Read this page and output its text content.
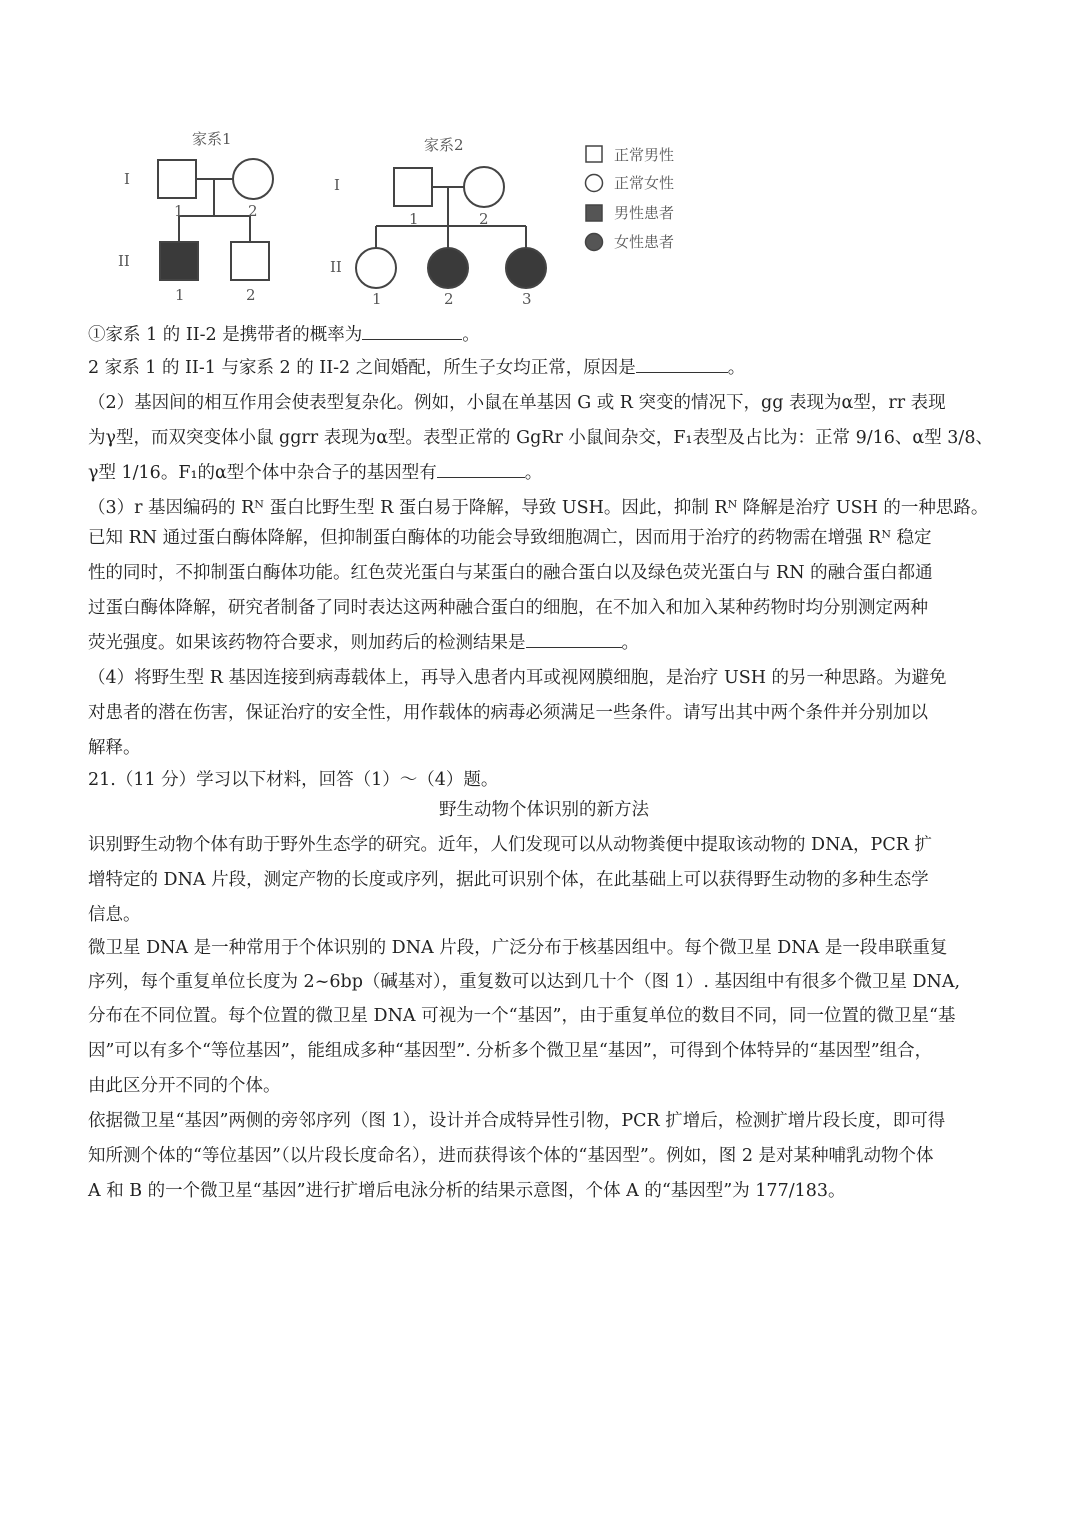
家系1	家系2
I
II
I
II
1	2
1	2
1	2
1	2	3
正常男性
正常女性
男性患者
女性患者
①家系 1 的 II-2 是携带者的概率为	。
2 家系 1 的 II-1 与家系 2 的 II-2 之间婚配，所生子女均正常，原因是	。
（2）基因间的相互作用会使表型复杂化。例如，小鼠在单基因 G 或 R 突变的情况下，gg 表现为α型，rr 表现
为γ型，而双突变体小鼠 ggrr 表现为α型。表型正常的 GgRr 小鼠间杂交，F₁表型及占比为：正常 9/16、α型 3/8、
γ型 1/16。F₁的α型个体中杂合子的基因型有	。
（3）r 基因编码的 Rᴺ 蛋白比野生型 R 蛋白易于降解，导致 USH。因此，抑制 Rᴺ 降解是治疗 USH 的一种思路。
已知 RN 通过蛋白酶体降解，但抑制蛋白酶体的功能会导致细胞凋亡，因而用于治疗的药物需在增强 Rᴺ 稳定
性的同时，不抑制蛋白酶体功能。红色荧光蛋白与某蛋白的融合蛋白以及绿色荧光蛋白与 RN 的融合蛋白都通
过蛋白酶体降解，研究者制备了同时表达这两种融合蛋白的细胞，在不加入和加入某种药物时均分别测定两种
荧光强度。如果该药物符合要求，则加药后的检测结果是	。
（4）将野生型 R 基因连接到病毒载体上，再导入患者内耳或视网膜细胞，是治疗 USH 的另一种思路。为避免
对患者的潜在伤害，保证治疗的安全性，用作载体的病毒必须满足一些条件。请写出其中两个条件并分别加以
解释。
21.（11 分）学习以下材料，回答（1）～（4）题。
野生动物个体识别的新方法
识别野生动物个体有助于野外生态学的研究。近年，人们发现可以从动物粪便中提取该动物的 DNA，PCR 扩
增特定的 DNA 片段，测定产物的长度或序列，据此可识别个体，在此基础上可以获得野生动物的多种生态学
信息。
微卫星 DNA 是一种常用于个体识别的 DNA 片段，广泛分布于核基因组中。每个微卫星 DNA 是一段串联重复
序列，每个重复单位长度为 2~6bp（碱基对），重复数可以达到几十个（图 1）. 基因组中有很多个微卫星 DNA,
分布在不同位置。每个位置的微卫星 DNA 可视为一个“基因”，由于重复单位的数目不同，同一位置的微卫星“基
因”可以有多个“等位基因”，能组成多种“基因型”. 分析多个微卫星“基因”，可得到个体特异的“基因型”组合，
由此区分开不同的个体。
依据微卫星“基因”两侧的旁邻序列（图 1），设计并合成特异性引物，PCR 扩增后，检测扩增片段长度，即可得
知所测个体的“等位基因”（以片段长度命名），进而获得该个体的“基因型”。例如，图 2 是对某种哺乳动物个体
A 和 B 的一个微卫星“基因”进行扩增后电泳分析的结果示意图，个体 A 的“基因型”为 177/183。
